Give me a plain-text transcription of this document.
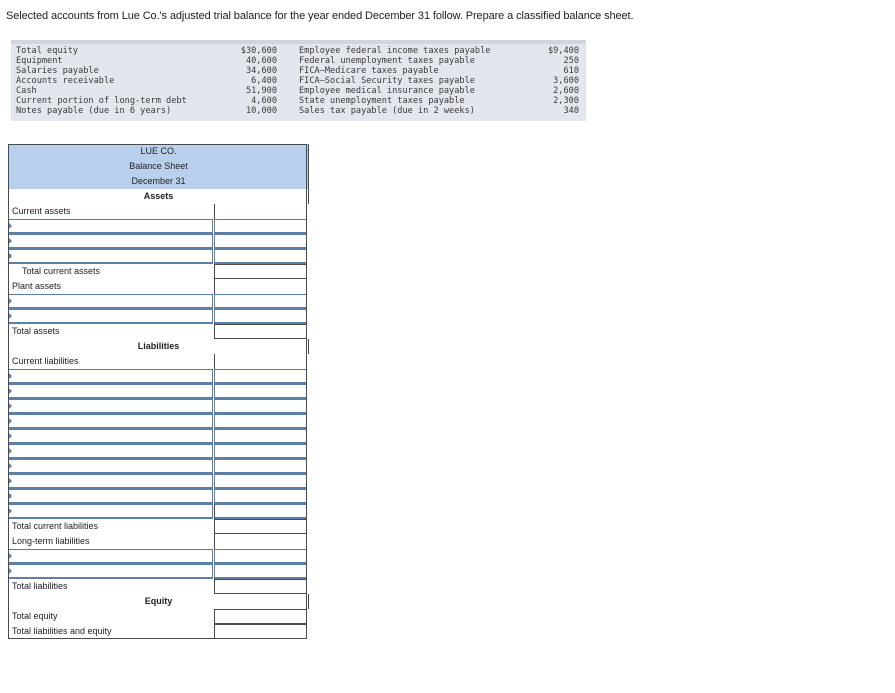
Selected accounts from Lue Co.'s adjusted trial balance for the year ended December 31 follow. Prepare a classified balance sheet.
Total equity
Equipment
Salaries payable
Accounts receivable
Cash
Current portion of long-term debt
Notes payable (due in 6 years)
$30,600
40,600
34,600
6,400
51,900
4,600
10,000
Employee federal income taxes payable
Federal unemployment taxes payable
FICA—Medicare taxes payable
FICA—Social Security taxes payable
Employee medical insurance payable
State unemployment taxes payable
Sales tax payable (due in 2 weeks)
$9,400
250
610
3,600
2,600
2,300
340
LUE CO.
Balance Sheet
December 31
Assets
Current assets
Total current assets
Plant assets
Total assets
Liabilities
Current liabilities
Total current liabilities
Long-term liabilities
Total liabilities
Equity
Total equity
Total liabilities and equity
